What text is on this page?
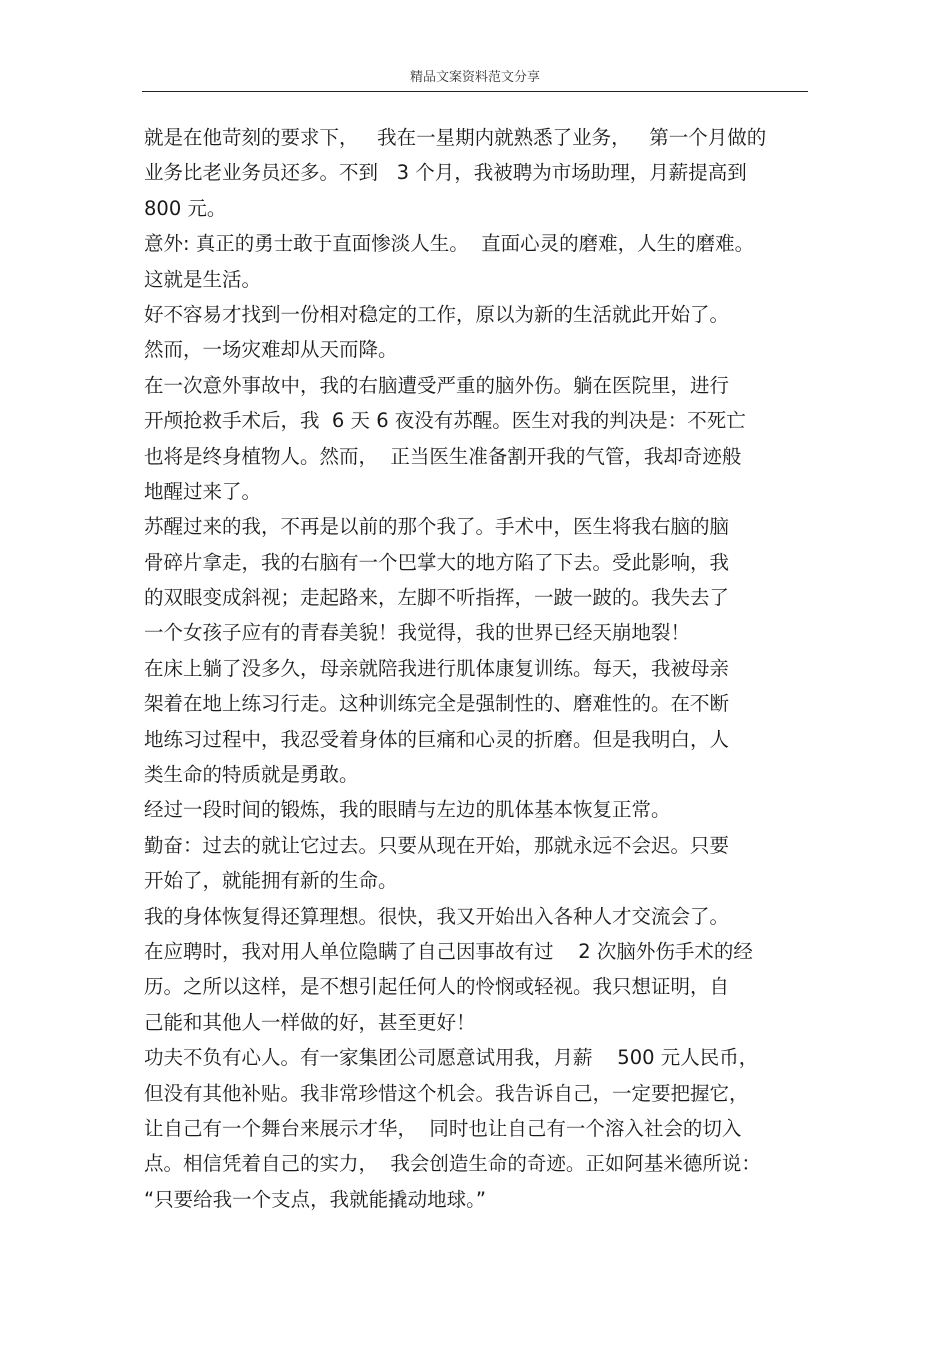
精品文案资料范文分享
就是在他苛刻的要求下，   我在一星期内就熟悉了业务，   第一个月做的
业务比老业务员还多。不到   3 个月，我被聘为市场助理，月薪提高到
800 元。
意外: 真正的勇士敢于直面惨淡人生。  直面心灵的磨难，人生的磨难。
这就是生活。
好不容易才找到一份相对稳定的工作，原以为新的生活就此开始了。
然而，一场灾难却从天而降。
在一次意外事故中，我的右脑遭受严重的脑外伤。躺在医院里，进行
开颅抢救手术后，我  6 天 6 夜没有苏醒。医生对我的判决是：不死亡
也将是终身植物人。然而，  正当医生准备割开我的气管，我却奇迹般
地醒过来了。
苏醒过来的我，不再是以前的那个我了。手术中，医生将我右脑的脑
骨碎片拿走，我的右脑有一个巴掌大的地方陷了下去。受此影响，我
的双眼变成斜视；走起路来，左脚不听指挥，一跛一跛的。我失去了
一个女孩子应有的青春美貌！我觉得，我的世界已经天崩地裂！
在床上躺了没多久，母亲就陪我进行肌体康复训练。每天，我被母亲
架着在地上练习行走。这种训练完全是强制性的、磨难性的。在不断
地练习过程中，我忍受着身体的巨痛和心灵的折磨。但是我明白，人
类生命的特质就是勇敢。
经过一段时间的锻炼，我的眼睛与左边的肌体基本恢复正常。
勤奋：过去的就让它过去。只要从现在开始，那就永远不会迟。只要
开始了，就能拥有新的生命。
我的身体恢复得还算理想。很快，我又开始出入各种人才交流会了。
在应聘时，我对用人单位隐瞒了自己因事故有过    2 次脑外伤手术的经
历。之所以这样，是不想引起任何人的怜悯或轻视。我只想证明，自
己能和其他人一样做的好，甚至更好！
功夫不负有心人。有一家集团公司愿意试用我，月薪    500 元人民币，
但没有其他补贴。我非常珍惜这个机会。我告诉自己，一定要把握它，
让自己有一个舞台来展示才华，  同时也让自己有一个溶入社会的切入
点。相信凭着自己的实力，  我会创造生命的奇迹。正如阿基米德所说：
“只要给我一个支点，我就能撬动地球。”
